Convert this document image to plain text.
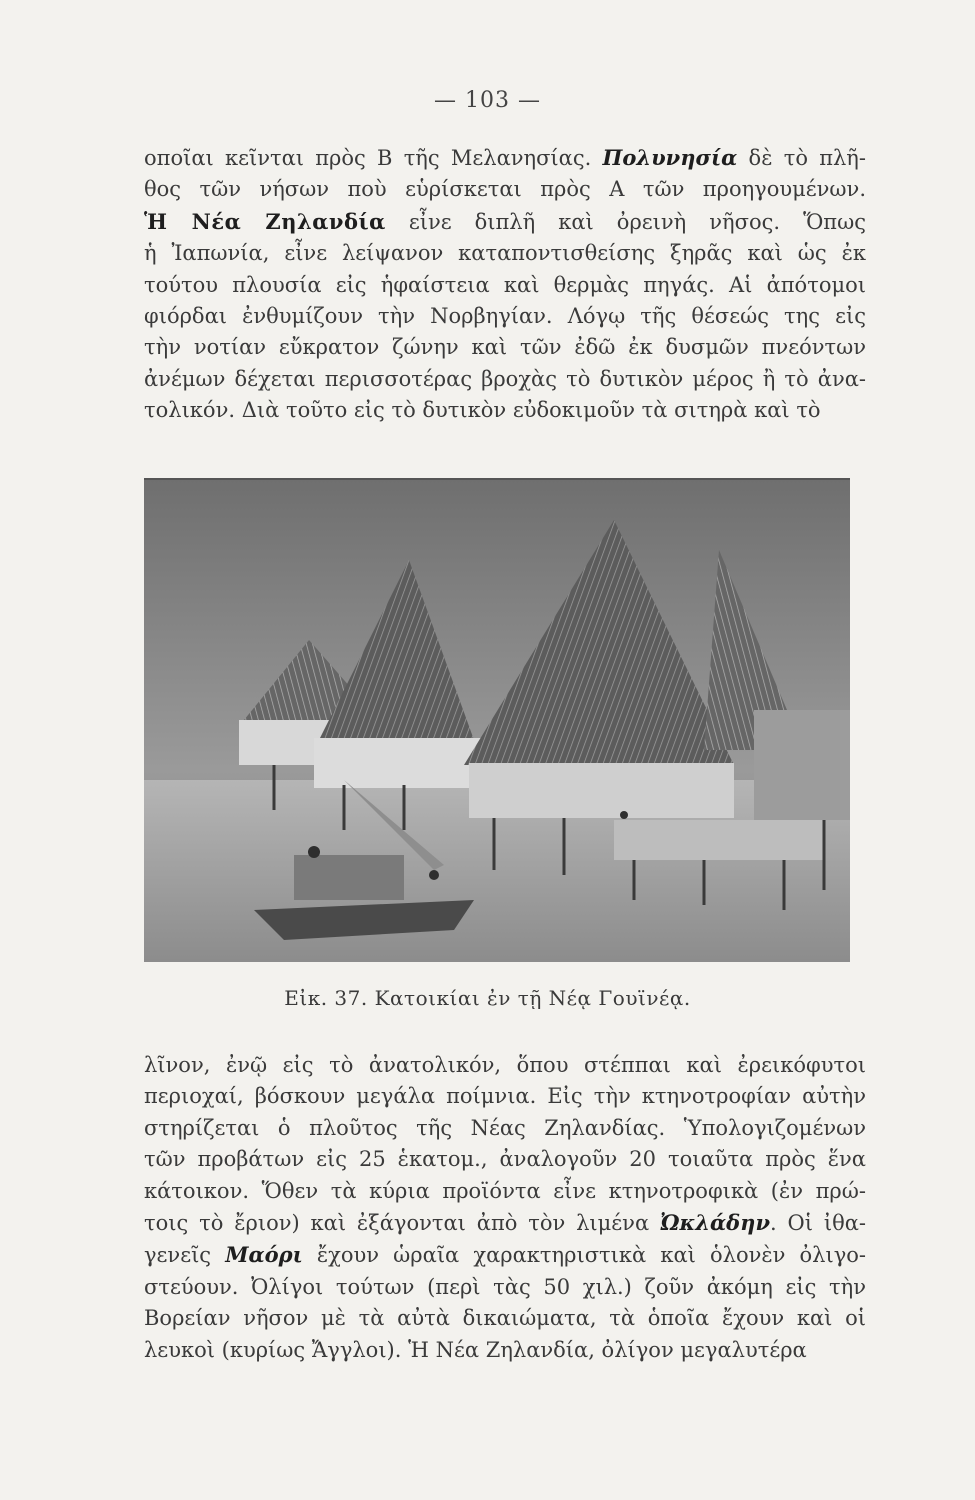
— 103 —
οποῖαι κεῖνται πρὸς Β τῆς Μελανησίας. Πολυνησία δὲ τὸ πλῆ-
θος τῶν νήσων ποὺ εὑρίσκεται πρὸς Α τῶν προηγουμένων.
Ἡ Νέα Ζηλανδία εἶνε διπλῆ καὶ ὀρεινὴ νῆσος. Ὅπως
ἡ Ἰαπωνία, εἶνε λείψανον καταποντισθείσης ξηρᾶς καὶ ὡς ἐκ
τούτου πλουσία εἰς ἡφαίστεια καὶ θερμὰς πηγάς. Αἱ ἀπότομοι
φιόρδαι ἐνθυμίζουν τὴν Νορβηγίαν. Λόγῳ τῆς θέσεώς της εἰς
τὴν νοτίαν εὔκρατον ζώνην καὶ τῶν ἐδῶ ἐκ δυσμῶν πνεόντων
ἀνέμων δέχεται περισσοτέρας βροχὰς τὸ δυτικὸν μέρος ἢ τὸ ἀνα-
τολικόν. Διὰ τοῦτο εἰς τὸ δυτικὸν εὐδοκιμοῦν τὰ σιτηρὰ καὶ τὸ
Εἰκ. 37. Κατοικίαι ἐν τῇ Νέᾳ Γουϊνέᾳ.
λῖνον, ἐνῷ εἰς τὸ ἀνατολικόν, ὅπου στέππαι καὶ ἐρεικόφυτοι
περιοχαί, βόσκουν μεγάλα ποίμνια. Εἰς τὴν κτηνοτροφίαν αὐτὴν
στηρίζεται ὁ πλοῦτος τῆς Νέας Ζηλανδίας. Ὑπολογιζομένων
τῶν προβάτων εἰς 25 ἑκατομ., ἀναλογοῦν 20 τοιαῦτα πρὸς ἕνα
κάτοικον. Ὅθεν τὰ κύρια προϊόντα εἶνε κτηνοτροφικὰ (ἐν πρώ-
τοις τὸ ἔριον) καὶ ἐξάγονται ἀπὸ τὸν λιμένα Ὠκλάδην. Οἱ ἰθα-
γενεῖς Μαόρι ἔχουν ὡραῖα χαρακτηριστικὰ καὶ ὁλονὲν ὀλιγο-
στεύουν. Ὀλίγοι τούτων (περὶ τὰς 50 χιλ.) ζοῦν ἀκόμη εἰς τὴν
Βορείαν νῆσον μὲ τὰ αὐτὰ δικαιώματα, τὰ ὁποῖα ἔχουν καὶ οἱ
λευκοὶ (κυρίως Ἄγγλοι). Ἡ Νέα Ζηλανδία, ὀλίγον μεγαλυτέρα
